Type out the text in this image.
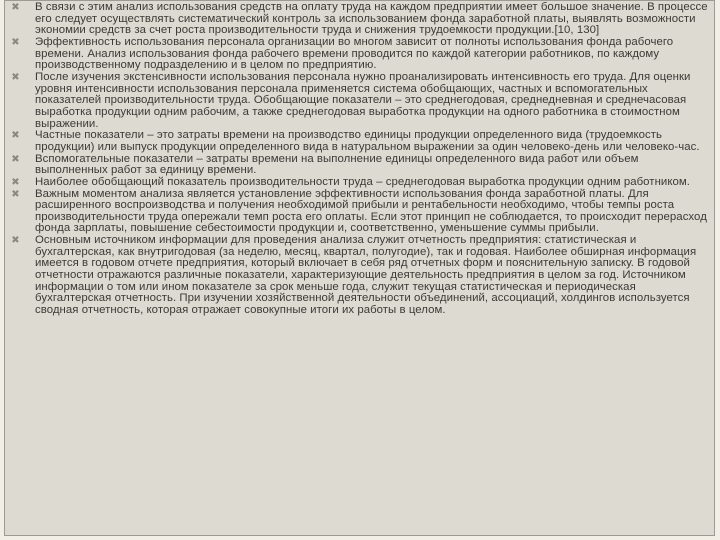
✖ В связи с этим анализ использования средств на оплату труда на каждом предприятии имеет большое значение. В процессе его следует осуществлять систематический контроль за использованием фонда заработной платы, выявлять возможности экономии средств за счет роста производительности труда и снижения трудоемкости продукции.[10, 130]
✖ Эффективность использования персонала организации во многом зависит от полноты использования фонда рабочего времени. Анализ использования фонда рабочего времени проводится по каждой категории работников, по каждому производственному подразделению и в целом по предприятию.
✖ После изучения экстенсивности использования персонала нужно проанализировать интенсивность его труда. Для оценки уровня интенсивности использования персонала применяется система обобщающих, частных и вспомогательных показателей производительности труда. Обобщающие показатели – это среднегодовая, среднедневная и среднечасовая выработка продукции одним рабочим, а также среднегодовая выработка продукции на одного работника в стоимостном выражении.
✖ Частные показатели – это затраты времени на производство единицы продукции определенного вида (трудоемкость продукции) или выпуск продукции определенного вида в натуральном выражении за один человеко-день или человеко-час.
✖ Вспомогательные показатели – затраты времени на выполнение единицы определенного вида работ или объем выполненных работ за единицу времени.
✖ Наиболее обобщающий показатель производительности труда – среднегодовая выработка продукции одним работником.
✖ Важным моментом анализа является установление эффективности использования фонда заработной платы. Для расширенного воспроизводства и получения необходимой прибыли и рентабельности необходимо, чтобы темпы роста производительности труда опережали темп роста его оплаты. Если этот принцип не соблюдается, то происходит перерасход фонда зарплаты, повышение себестоимости продукции и, соответственно, уменьшение суммы прибыли.
✖ Основным источником информации для проведения анализа служит отчетность предприятия: статистическая и бухгалтерская, как внутригодовая (за неделю, месяц, квартал, полугодие), так и годовая. Наиболее обширная информация имеется в годовом отчете предприятия, который включает в себя ряд отчетных форм и пояснительную записку. В годовой отчетности отражаются различные показатели, характеризующие деятельность предприятия в целом за год. Источником информации о том или ином показателе за срок меньше года, служит текущая статистическая и периодическая бухгалтерская отчетность. При изучении хозяйственной деятельности объединений, ассоциаций, холдингов используется сводная отчетность, которая отражает совокупные итоги их работы в целом.
